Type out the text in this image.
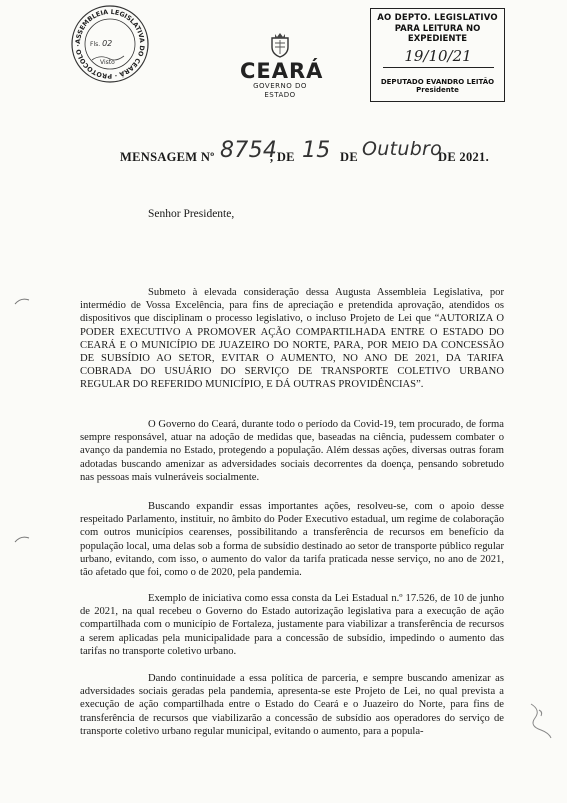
ASSEMBLEIA LEGISLATIVA DO CEARÁ · PROTOCOLO ·	Fls. 02
Visto	CEARÁ
GOVERNO DO ESTADO
AO DEPTO. LEGISLATIVO
PARA LEITURA NO EXPEDIENTE
19/10/21
DEPUTADO EVANDRO LEITÃO
Presidente
MENSAGEM Nº 8754
, DE 15 DE Outubro
DE 2021.
Senhor Presidente,

Submeto à elevada consideração dessa Augusta Assembleia Legislativa, por intermédio de Vossa Excelência, para fins de apreciação e pretendida aprovação, atendidos os dispositivos que disciplinam o processo legislativo, o incluso Projeto de Lei que “AUTORIZA O PODER EXECUTIVO A PROMOVER AÇÃO COMPARTILHADA ENTRE O ESTADO DO CEARÁ E O MUNICÍPIO DE JUAZEIRO DO NORTE, PARA, POR MEIO DA CONCESSÃO DE SUBSÍDIO AO SETOR, EVITAR O AUMENTO, NO ANO DE 2021, DA TARIFA COBRADA DO USUÁRIO DO SERVIÇO DE TRANSPORTE COLETIVO URBANO REGULAR DO REFERIDO MUNICÍPIO, E DÁ OUTRAS PROVIDÊNCIAS”.

O Governo do Ceará, durante todo o período da Covid-19, tem procurado, de forma sempre responsável, atuar na adoção de medidas que, baseadas na ciência, pudessem combater o avanço da pandemia no Estado, protegendo a população. Além dessas ações, diversas outras foram adotadas buscando amenizar as adversidades sociais decorrentes da doença, pensando sobretudo nas pessoas mais vulneráveis socialmente.

Buscando expandir essas importantes ações, resolveu-se, com o apoio desse respeitado Parlamento, instituir, no âmbito do Poder Executivo estadual, um regime de colaboração com outros municípios cearenses, possibilitando a transferência de recursos em benefício da população local, uma delas sob a forma de subsídio destinado ao setor de transporte público regular urbano, evitando, com isso, o aumento do valor da tarifa praticada nesse serviço, no ano de 2021, tão afetado que foi, como o de 2020, pela pandemia.

Exemplo de iniciativa como essa consta da Lei Estadual n.º 17.526, de 10 de junho de 2021, na qual recebeu o Governo do Estado autorização legislativa para a execução de ação compartilhada com o município de Fortaleza, justamente para viabilizar a transferência de recursos a serem aplicadas pela municipalidade para a concessão de subsídio, impedindo o aumento das tarifas no transporte coletivo urbano.

Dando continuidade a essa política de parceria, e sempre buscando amenizar as adversidades sociais geradas pela pandemia, apresenta-se este Projeto de Lei, no qual prevista a execução de ação compartilhada entre o Estado do Ceará e o Juazeiro do Norte, para fins de transferência de recursos que viabilizarão a concessão de subsídio aos operadores do serviço de transporte coletivo urbano regular municipal, evitando o aumento, para a popula-
